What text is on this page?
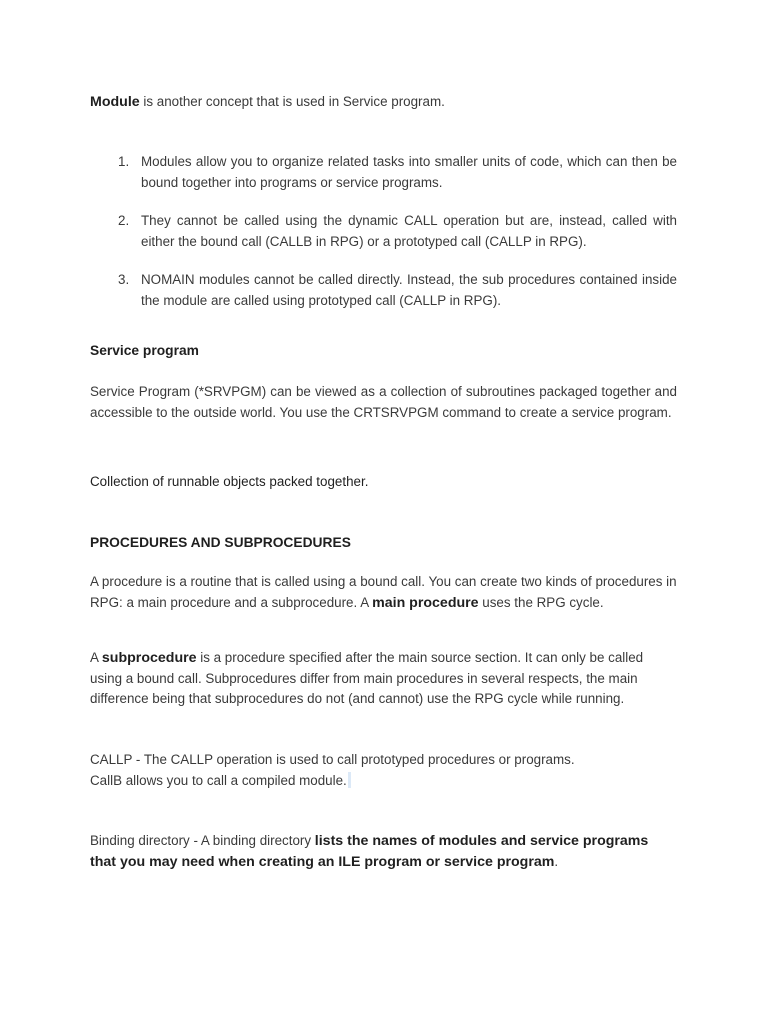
Module is another concept that is used in Service program.

1. Modules allow you to organize related tasks into smaller units of code, which can then be bound together into programs or service programs.
2. They cannot be called using the dynamic CALL operation but are, instead, called with either the bound call (CALLB in RPG) or a prototyped call (CALLP in RPG).
3. NOMAIN modules cannot be called directly. Instead, the sub procedures contained inside the module are called using prototyped call (CALLP in RPG).

Service program

Service Program (*SRVPGM) can be viewed as a collection of subroutines packaged together and accessible to the outside world. You use the CRTSRVPGM command to create a service program.

Collection of runnable objects packed together.

PROCEDURES AND SUBPROCEDURES

A procedure is a routine that is called using a bound call. You can create two kinds of procedures in RPG: a main procedure and a subprocedure. A main procedure uses the RPG cycle.

A subprocedure is a procedure specified after the main source section. It can only be called using a bound call. Subprocedures differ from main procedures in several respects, the main difference being that subprocedures do not (and cannot) use the RPG cycle while running.

CALLP - The CALLP operation is used to call prototyped procedures or programs.

CallB allows you to call a compiled module.

Binding directory - A binding directory lists the names of modules and service programs that you may need when creating an ILE program or service program.
